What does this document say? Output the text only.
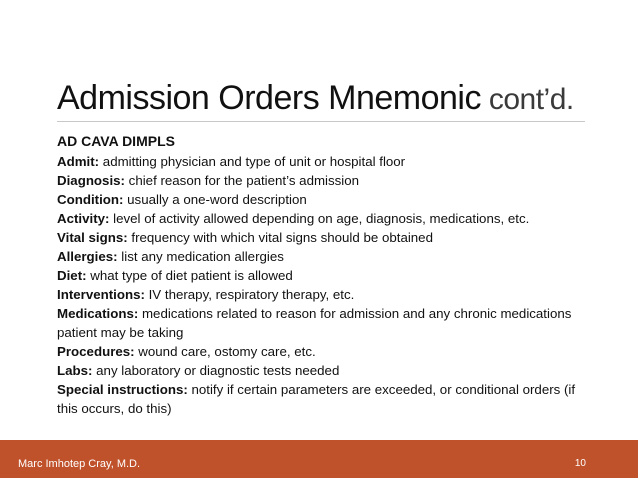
Admission Orders Mnemonic cont’d.
AD CAVA DIMPLS

Admit: admitting physician and type of unit or hospital floor

Diagnosis: chief reason for the patient’s admission

Condition: usually a one-word description

Activity: level of activity allowed depending on age, diagnosis, medications, etc.

Vital signs: frequency with which vital signs should be obtained

Allergies: list any medication allergies

Diet: what type of diet patient is allowed

Interventions: IV therapy, respiratory therapy, etc.

Medications: medications related to reason for admission and any chronic medications patient may be taking

Procedures: wound care, ostomy care, etc.

Labs: any laboratory or diagnostic tests needed

Special instructions: notify if certain parameters are exceeded, or conditional orders (if this occurs, do this)

Marc Imhotep Cray, M.D.	10
